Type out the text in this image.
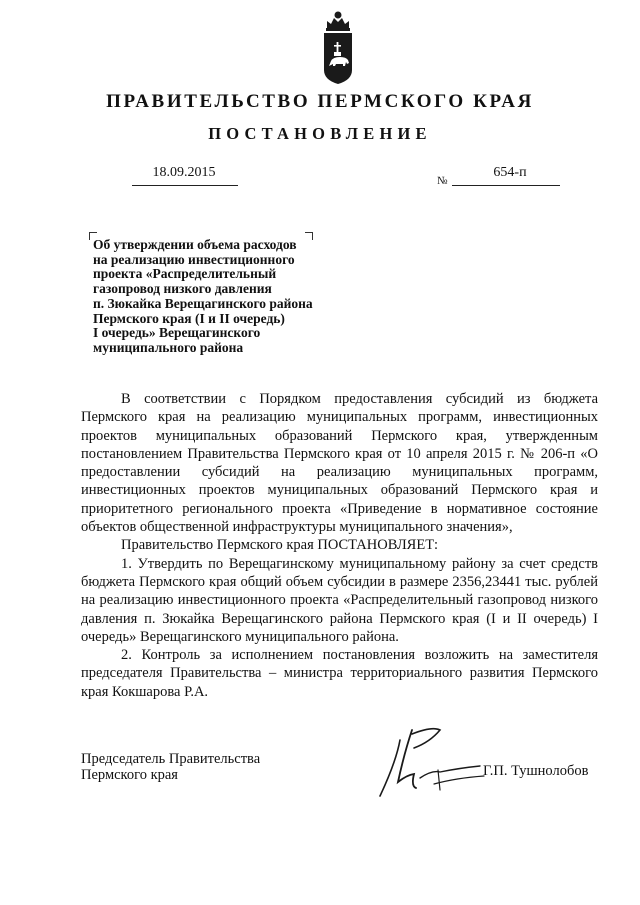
ПРАВИТЕЛЬСТВО ПЕРМСКОГО КРАЯ
ПОСТАНОВЛЕНИЕ
18.09.2015
№
654-п
Об утверждении объема расходов
на реализацию инвестиционного
проекта «Распределительный
газопровод низкого давления
п. Зюкайка Верещагинского района
Пермского края (I и II очередь)
I очередь» Верещагинского
муниципального района

В соответствии с Порядком предоставления субсидий из бюджета Пермского края на реализацию муниципальных программ, инвестиционных проектов муниципальных образований Пермского края, утвержденным постановлением Правительства Пермского края от 10 апреля 2015 г. № 206-п «О предоставлении субсидий на реализацию муниципальных программ, инвестиционных проектов муниципальных образований Пермского края и приоритетного регионального проекта «Приведение в нормативное состояние объектов общественной инфраструктуры муниципального значения»,

Правительство Пермского края ПОСТАНОВЛЯЕТ:

1. Утвердить по Верещагинскому муниципальному району за счет средств бюджета Пермского края общий объем субсидии в размере 2356,23441 тыс. рублей на реализацию инвестиционного проекта «Распределительный газопровод низкого давления п. Зюкайка Верещагинского района Пермского края (I и II очередь) I очередь» Верещагинского муниципального района.

2. Контроль за исполнением постановления возложить на заместителя председателя Правительства – министра территориального развития Пермского края Кокшарова Р.А.

Председатель Правительства
Пермского края	Г.П. Тушнолобов
